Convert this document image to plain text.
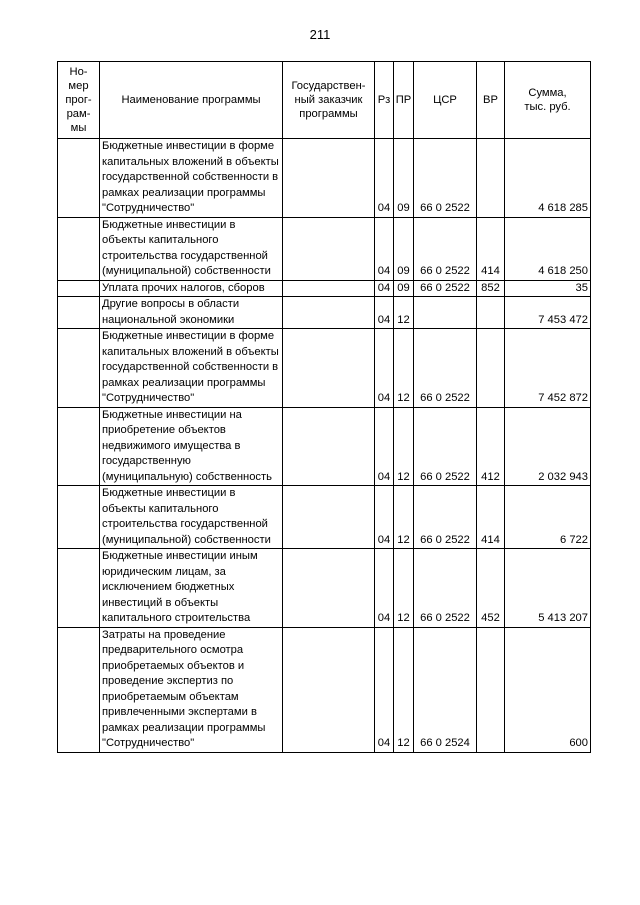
211
Но-
мер
прог-
рам-
мы	Наименование программы	Государствен-
ный заказчик
программы	Рз	ПР	ЦСР	ВР	Сумма,
тыс. руб.
	Бюджетные инвестиции в форме капитальных вложений в объекты государственной собственности в рамках реализации программы "Сотрудничество"		04	09	66 0 2522		4 618 285
	Бюджетные инвестиции в объекты капитального строительства государственной (муниципальной) собственности		04	09	66 0 2522	414	4 618 250
	Уплата прочих налогов, сборов		04	09	66 0 2522	852	35
	Другие вопросы в области национальной экономики		04	12			7 453 472
	Бюджетные инвестиции в форме капитальных вложений в объекты государственной собственности в рамках реализации программы "Сотрудничество"		04	12	66 0 2522		7 452 872
	Бюджетные инвестиции на приобретение объектов недвижимого имущества в государственную (муниципальную) собственность		04	12	66 0 2522	412	2 032 943
	Бюджетные инвестиции в объекты капитального строительства государственной (муниципальной) собственности		04	12	66 0 2522	414	6 722
	Бюджетные инвестиции иным юридическим лицам, за исключением бюджетных инвестиций в объекты капитального строительства		04	12	66 0 2522	452	5 413 207
	Затраты на проведение предварительного осмотра приобретаемых объектов и проведение экспертиз по приобретаемым объектам привлеченными экспертами в рамках реализации программы "Сотрудничество"		04	12	66 0 2524		600
